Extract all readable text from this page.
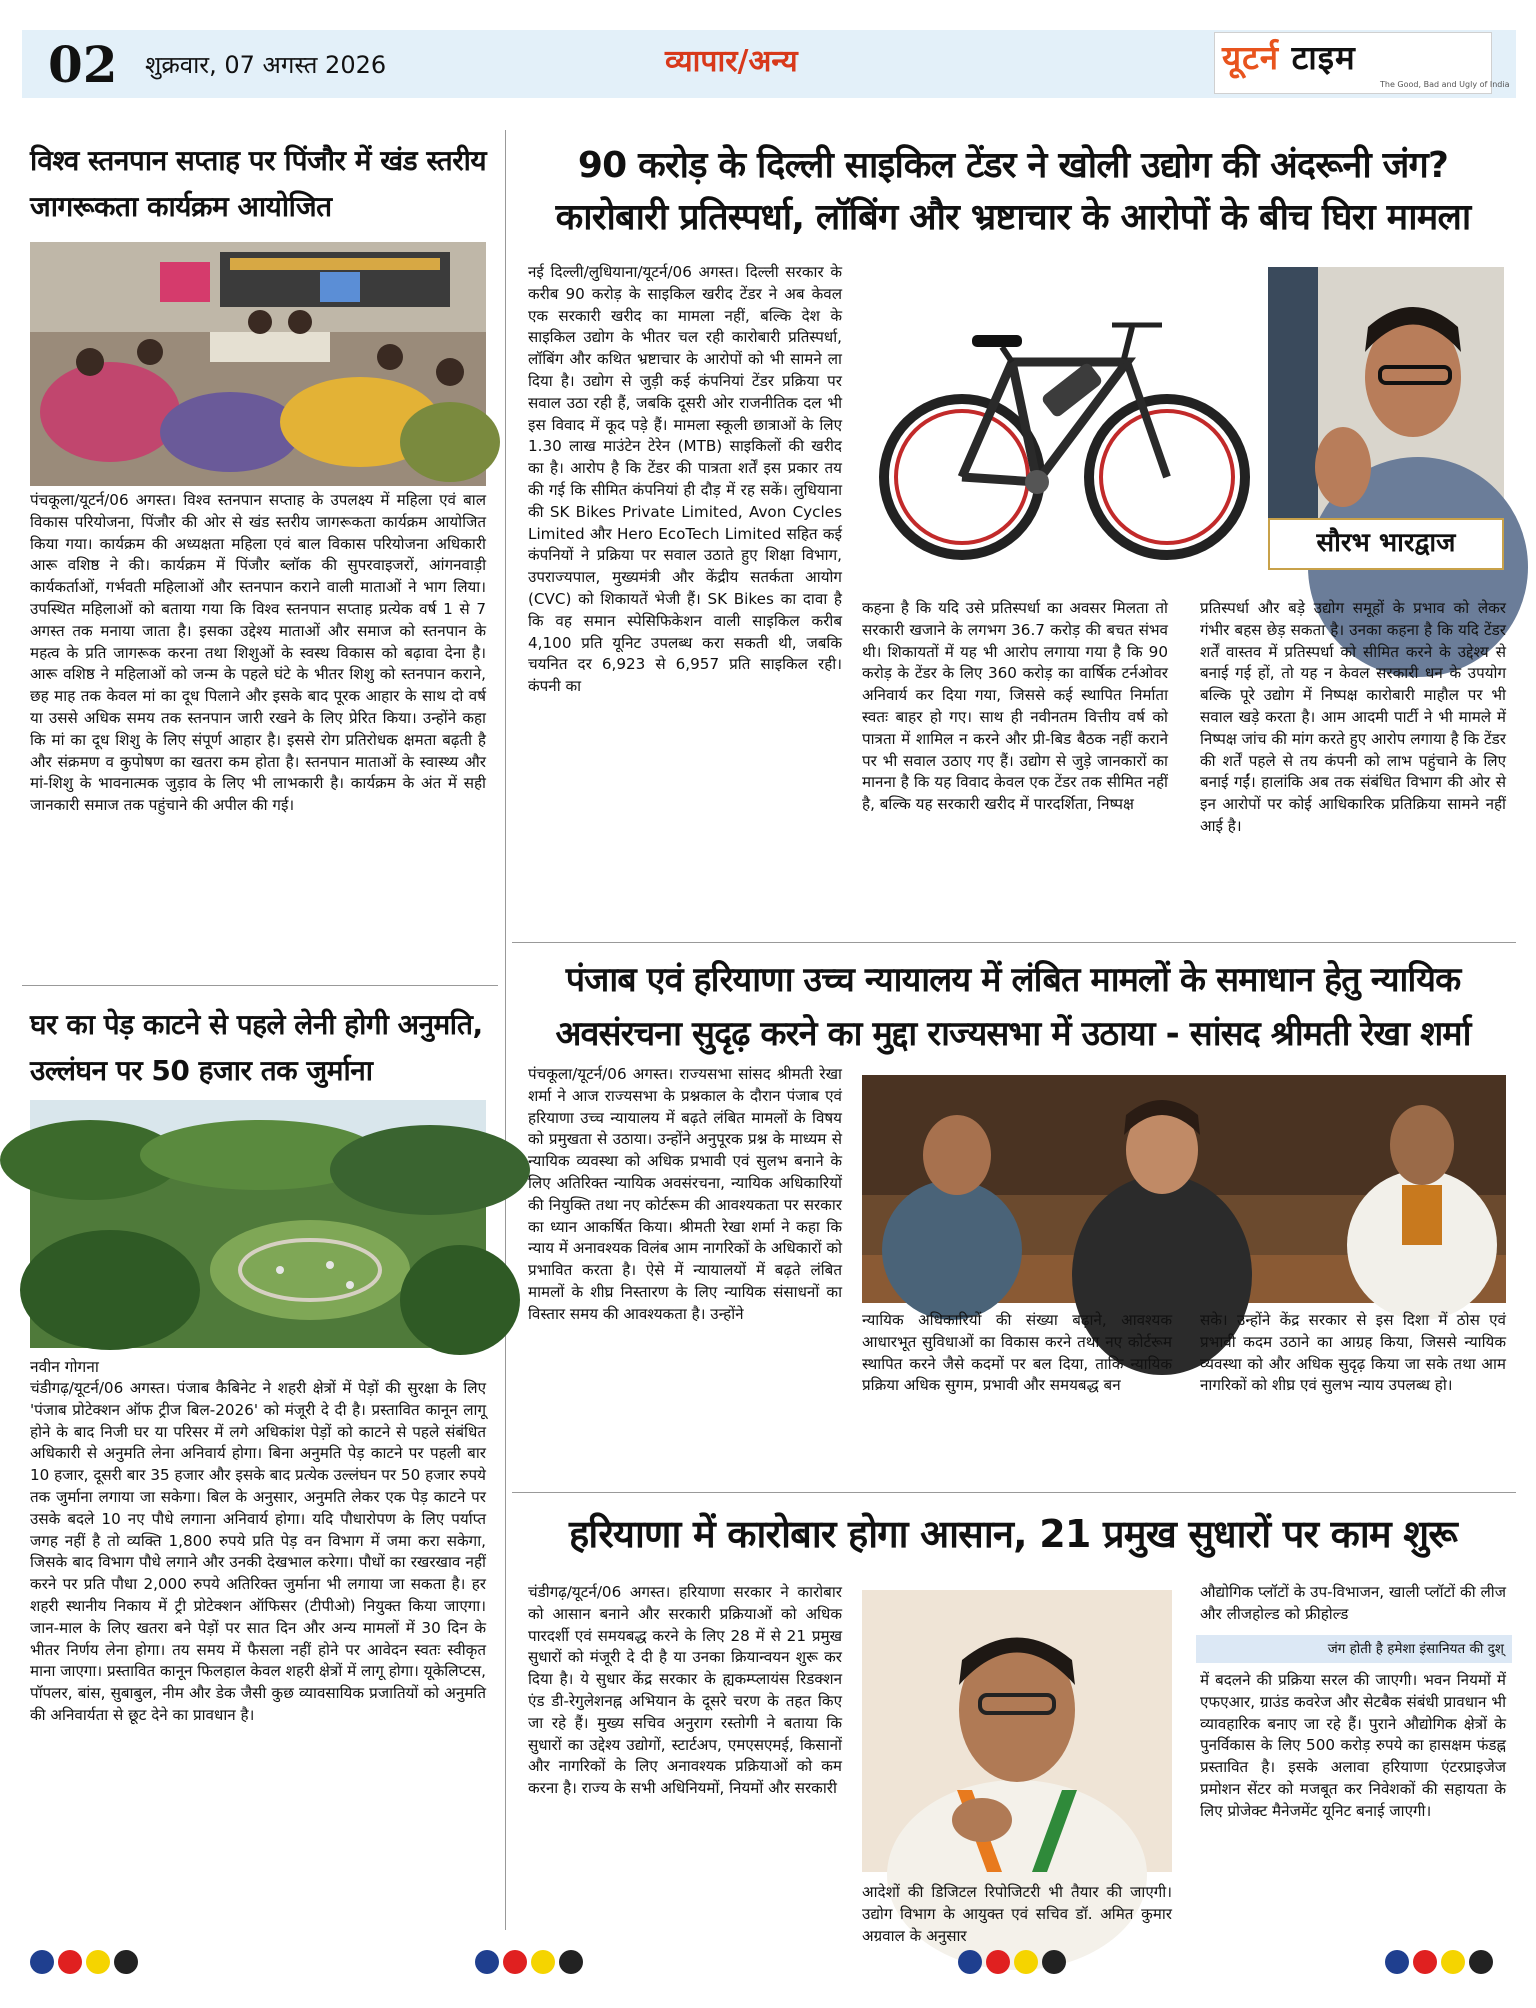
02 शुक्रवार, 07 अगस्त 2026	व्यापार/अन्य	यूटर्न टाइम
The Good, Bad and Ugly of India
विश्व स्तनपान सप्ताह पर पिंजौर में खंड स्तरीय जागरूकता कार्यक्रम आयोजित
पंचकूला/यूटर्न/06 अगस्त। विश्व स्तनपान सप्ताह के उपलक्ष्य में महिला एवं बाल विकास परियोजना, पिंजौर की ओर से खंड स्तरीय जागरूकता कार्यक्रम आयोजित किया गया। कार्यक्रम की अध्यक्षता महिला एवं बाल विकास परियोजना अधिकारी आरू वशिष्ठ ने की। कार्यक्रम में पिंजौर ब्लॉक की सुपरवाइजरों, आंगनवाड़ी कार्यकर्ताओं, गर्भवती महिलाओं और स्तनपान कराने वाली माताओं ने भाग लिया। उपस्थित महिलाओं को बताया गया कि विश्व स्तनपान सप्ताह प्रत्येक वर्ष 1 से 7 अगस्त तक मनाया जाता है। इसका उद्देश्य माताओं और समाज को स्तनपान के महत्व के प्रति जागरूक करना तथा शिशुओं के स्वस्थ विकास को बढ़ावा देना है। आरू वशिष्ठ ने महिलाओं को जन्म के पहले घंटे के भीतर शिशु को स्तनपान कराने, छह माह तक केवल मां का दूध पिलाने और इसके बाद पूरक आहार के साथ दो वर्ष या उससे अधिक समय तक स्तनपान जारी रखने के लिए प्रेरित किया। उन्होंने कहा कि मां का दूध शिशु के लिए संपूर्ण आहार है। इससे रोग प्रतिरोधक क्षमता बढ़ती है और संक्रमण व कुपोषण का खतरा कम होता है। स्तनपान माताओं के स्वास्थ्य और मां-शिशु के भावनात्मक जुड़ाव के लिए भी लाभकारी है। कार्यक्रम के अंत में सही जानकारी समाज तक पहुंचाने की अपील की गई।
90 करोड़ के दिल्ली साइकिल टेंडर ने खोली उद्योग की अंदरूनी जंग? कारोबारी प्रतिस्पर्धा, लॉबिंग और भ्रष्टाचार के आरोपों के बीच घिरा मामला
नई दिल्ली/लुधियाना/यूटर्न/06 अगस्त। दिल्ली सरकार के करीब 90 करोड़ के साइकिल खरीद टेंडर ने अब केवल एक सरकारी खरीद का मामला नहीं, बल्कि देश के साइकिल उद्योग के भीतर चल रही कारोबारी प्रतिस्पर्धा, लॉबिंग और कथित भ्रष्टाचार के आरोपों को भी सामने ला दिया है। उद्योग से जुड़ी कई कंपनियां टेंडर प्रक्रिया पर सवाल उठा रही हैं, जबकि दूसरी ओर राजनीतिक दल भी इस विवाद में कूद पड़े हैं। मामला स्कूली छात्राओं के लिए 1.30 लाख माउंटेन टेरेन (MTB) साइकिलों की खरीद का है। आरोप है कि टेंडर की पात्रता शर्तें इस प्रकार तय की गई कि सीमित कंपनियां ही दौड़ में रह सकें। लुधियाना की SK Bikes Private Limited, Avon Cycles Limited और Hero EcoTech Limited सहित कई कंपनियों ने प्रक्रिया पर सवाल उठाते हुए शिक्षा विभाग, उपराज्यपाल, मुख्यमंत्री और केंद्रीय सतर्कता आयोग (CVC) को शिकायतें भेजी हैं। SK Bikes का दावा है कि वह समान स्पेसिफिकेशन वाली साइकिल करीब 4,100 प्रति यूनिट उपलब्ध करा सकती थी, जबकि चयनित दर 6,923 से 6,957 प्रति साइकिल रही। कंपनी का
सौरभ भारद्वाज
कहना है कि यदि उसे प्रतिस्पर्धा का अवसर मिलता तो सरकारी खजाने के लगभग 36.7 करोड़ की बचत संभव थी। शिकायतों में यह भी आरोप लगाया गया है कि 90 करोड़ के टेंडर के लिए 360 करोड़ का वार्षिक टर्नओवर अनिवार्य कर दिया गया, जिससे कई स्थापित निर्माता स्वतः बाहर हो गए। साथ ही नवीनतम वित्तीय वर्ष को पात्रता में शामिल न करने और प्री-बिड बैठक नहीं कराने पर भी सवाल उठाए गए हैं। उद्योग से जुड़े जानकारों का मानना है कि यह विवाद केवल एक टेंडर तक सीमित नहीं है, बल्कि यह सरकारी खरीद में पारदर्शिता, निष्पक्ष
प्रतिस्पर्धा और बड़े उद्योग समूहों के प्रभाव को लेकर गंभीर बहस छेड़ सकता है। उनका कहना है कि यदि टेंडर शर्तें वास्तव में प्रतिस्पर्धा को सीमित करने के उद्देश्य से बनाई गई हों, तो यह न केवल सरकारी धन के उपयोग बल्कि पूरे उद्योग में निष्पक्ष कारोबारी माहौल पर भी सवाल खड़े करता है। आम आदमी पार्टी ने भी मामले में निष्पक्ष जांच की मांग करते हुए आरोप लगाया है कि टेंडर की शर्तें पहले से तय कंपनी को लाभ पहुंचाने के लिए बनाई गईं। हालांकि अब तक संबंधित विभाग की ओर से इन आरोपों पर कोई आधिकारिक प्रतिक्रिया सामने नहीं आई है।
घर का पेड़ काटने से पहले लेनी होगी अनुमति, उल्लंघन पर 50 हजार तक जुर्माना
नवीन गोगना
चंडीगढ़/यूटर्न/06 अगस्त। पंजाब कैबिनेट ने शहरी क्षेत्रों में पेड़ों की सुरक्षा के लिए 'पंजाब प्रोटेक्शन ऑफ ट्रीज बिल-2026' को मंजूरी दे दी है। प्रस्तावित कानून लागू होने के बाद निजी घर या परिसर में लगे अधिकांश पेड़ों को काटने से पहले संबंधित अधिकारी से अनुमति लेना अनिवार्य होगा। बिना अनुमति पेड़ काटने पर पहली बार 10 हजार, दूसरी बार 35 हजार और इसके बाद प्रत्येक उल्लंघन पर 50 हजार रुपये तक जुर्माना लगाया जा सकेगा। बिल के अनुसार, अनुमति लेकर एक पेड़ काटने पर उसके बदले 10 नए पौधे लगाना अनिवार्य होगा। यदि पौधारोपण के लिए पर्याप्त जगह नहीं है तो व्यक्ति 1,800 रुपये प्रति पेड़ वन विभाग में जमा करा सकेगा, जिसके बाद विभाग पौधे लगाने और उनकी देखभाल करेगा। पौधों का रखरखाव नहीं करने पर प्रति पौधा 2,000 रुपये अतिरिक्त जुर्माना भी लगाया जा सकता है। हर शहरी स्थानीय निकाय में ट्री प्रोटेक्शन ऑफिसर (टीपीओ) नियुक्त किया जाएगा। जान-माल के लिए खतरा बने पेड़ों पर सात दिन और अन्य मामलों में 30 दिन के भीतर निर्णय लेना होगा। तय समय में फैसला नहीं होने पर आवेदन स्वतः स्वीकृत माना जाएगा। प्रस्तावित कानून फिलहाल केवल शहरी क्षेत्रों में लागू होगा। यूकेलिप्टस, पॉपलर, बांस, सुबाबुल, नीम और डेक जैसी कुछ व्यावसायिक प्रजातियों को अनुमति की अनिवार्यता से छूट देने का प्रावधान है।
पंजाब एवं हरियाणा उच्च न्यायालय में लंबित मामलों के समाधान हेतु न्यायिक अवसंरचना सुदृढ़ करने का मुद्दा राज्यसभा में उठाया - सांसद श्रीमती रेखा शर्मा
पंचकूला/यूटर्न/06 अगस्त। राज्यसभा सांसद श्रीमती रेखा शर्मा ने आज राज्यसभा के प्रश्नकाल के दौरान पंजाब एवं हरियाणा उच्च न्यायालय में बढ़ते लंबित मामलों के विषय को प्रमुखता से उठाया। उन्होंने अनुपूरक प्रश्न के माध्यम से न्यायिक व्यवस्था को अधिक प्रभावी एवं सुलभ बनाने के लिए अतिरिक्त न्यायिक अवसंरचना, न्यायिक अधिकारियों की नियुक्ति तथा नए कोर्टरूम की आवश्यकता पर सरकार का ध्यान आकर्षित किया। श्रीमती रेखा शर्मा ने कहा कि न्याय में अनावश्यक विलंब आम नागरिकों के अधिकारों को प्रभावित करता है। ऐसे में न्यायालयों में बढ़ते लंबित मामलों के शीघ्र निस्तारण के लिए न्यायिक संसाधनों का विस्तार समय की आवश्यकता है। उन्होंने	न्यायिक अधिकारियों की संख्या बढ़ाने, आवश्यक आधारभूत सुविधाओं का विकास करने तथा नए कोर्टरूम स्थापित करने जैसे कदमों पर बल दिया, ताकि न्यायिक प्रक्रिया अधिक सुगम, प्रभावी और समयबद्ध बन
सके। उन्होंने केंद्र सरकार से इस दिशा में ठोस एवं प्रभावी कदम उठाने का आग्रह किया, जिससे न्यायिक व्यवस्था को और अधिक सुदृढ़ किया जा सके तथा आम नागरिकों को शीघ्र एवं सुलभ न्याय उपलब्ध हो।
हरियाणा में कारोबार होगा आसान, 21 प्रमुख सुधारों पर काम शुरू
चंडीगढ़/यूटर्न/06 अगस्त। हरियाणा सरकार ने कारोबार को आसान बनाने और सरकारी प्रक्रियाओं को अधिक पारदर्शी एवं समयबद्ध करने के लिए 28 में से 21 प्रमुख सुधारों को मंजूरी दे दी है या उनका क्रियान्वयन शुरू कर दिया है। ये सुधार केंद्र सरकार के ह्यकम्प्लायंस रिडक्शन एंड डी-रेगुलेशनह्न अभियान के दूसरे चरण के तहत किए जा रहे हैं। मुख्य सचिव अनुराग रस्तोगी ने बताया कि सुधारों का उद्देश्य उद्योगों, स्टार्टअप, एमएसएमई, किसानों और नागरिकों के लिए अनावश्यक प्रक्रियाओं को कम करना है। राज्य के सभी अधिनियमों, नियमों और सरकारी
आदेशों की डिजिटल रिपोजिटरी भी तैयार की जाएगी। उद्योग विभाग के आयुक्त एवं सचिव डॉ. अमित कुमार अग्रवाल के अनुसार
औद्योगिक प्लॉटों के उप-विभाजन, खाली प्लॉटों की लीज और लीजहोल्ड को फ्रीहोल्ड
जंग होती है हमेशा इंसानियत की दुश्
में बदलने की प्रक्रिया सरल की जाएगी। भवन नियमों में एफएआर, ग्राउंड कवरेज और सेटबैक संबंधी प्रावधान भी व्यावहारिक बनाए जा रहे हैं। पुराने औद्योगिक क्षेत्रों के पुनर्विकास के लिए 500 करोड़ रुपये का हासक्षम फंडह्न प्रस्तावित है। इसके अलावा हरियाणा एंटरप्राइजेज प्रमोशन सेंटर को मजबूत कर निवेशकों की सहायता के लिए प्रोजेक्ट मैनेजमेंट यूनिट बनाई जाएगी।
